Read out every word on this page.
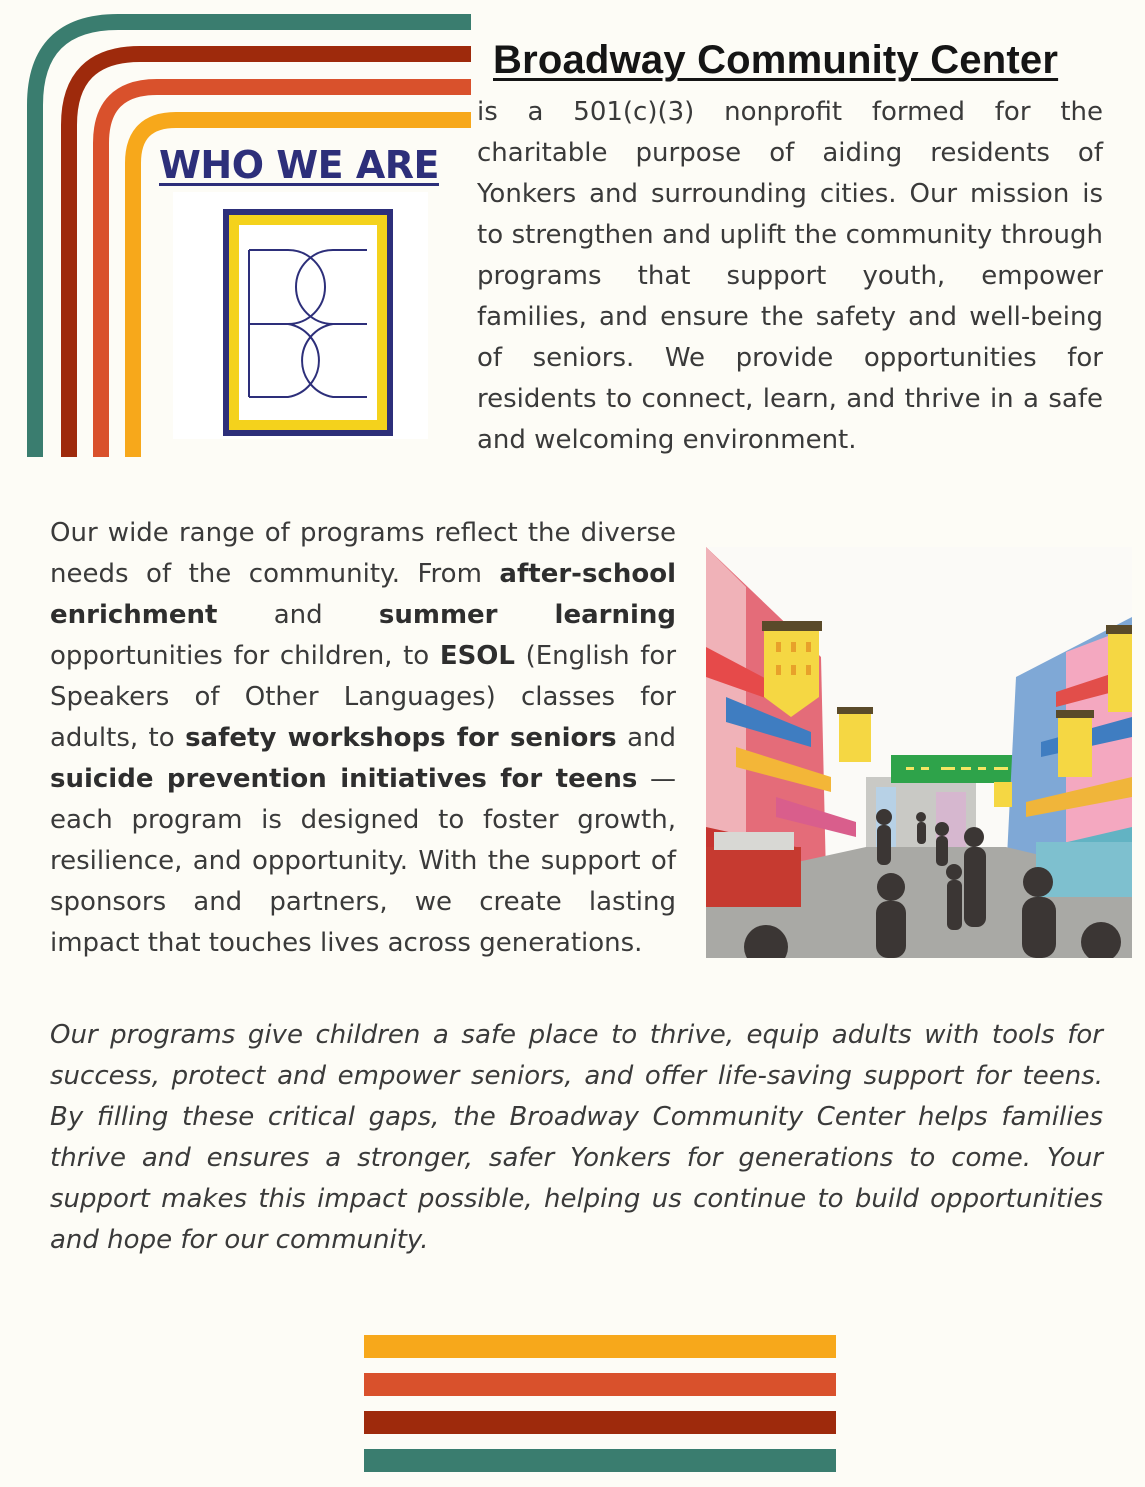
Broadway Community Center
WHO WE ARE
is a 501(c)(3) nonprofit formed for the charitable purpose of aiding residents of Yonkers and surrounding cities. Our mission is to strengthen and uplift the community through programs that support youth, empower families, and ensure the safety and well-being of seniors. We provide opportunities for residents to connect, learn, and thrive in a safe and welcoming environment.
Our wide range of programs reflect the diverse needs of the community. From after-school enrichment and summer learning opportunities for children, to ESOL (English for Speakers of Other Languages) classes for adults, to safety workshops for seniors and suicide prevention initiatives for teens — each program is designed to foster growth, resilience, and opportunity. With the support of sponsors and partners, we create lasting impact that touches lives across generations.
Our programs give children a safe place to thrive, equip adults with tools for success, protect and empower seniors, and offer life-saving support for teens. By filling these critical gaps, the Broadway Community Center helps families thrive and ensures a stronger, safer Yonkers for generations to come. Your support makes this impact possible, helping us continue to build opportunities and hope for our community.
